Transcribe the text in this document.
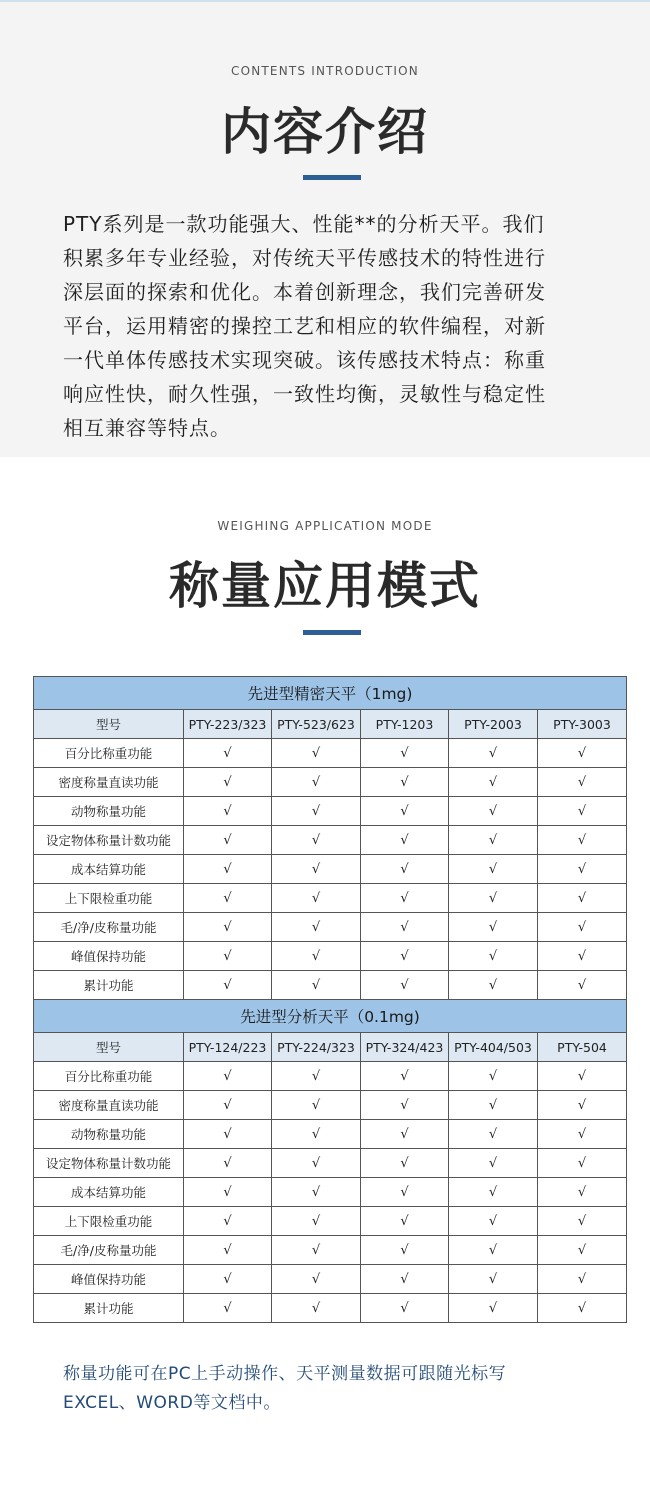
CONTENTS INTRODUCTION
内容介绍
PTY系列是一款功能强大、性能**的分析天平。我们
积累多年专业经验，对传统天平传感技术的特性进行
深层面的探索和优化。本着创新理念，我们完善研发
平台，运用精密的操控工艺和相应的软件编程，对新
一代单体传感技术实现突破。该传感技术特点：称重
响应性快，耐久性强，一致性均衡，灵敏性与稳定性
相互兼容等特点。
WEIGHING APPLICATION MODE
称量应用模式
先进型精密天平（1mg)					
型号	PTY-223/323	PTY-523/623	PTY-1203	PTY-2003	PTY-3003
百分比称重功能	√	√	√	√	√
密度称量直读功能	√	√	√	√	√
动物称量功能	√	√	√	√	√
设定物体称量计数功能	√	√	√	√	√
成本结算功能	√	√	√	√	√
上下限检重功能	√	√	√	√	√
毛/净/皮称量功能	√	√	√	√	√
峰值保持功能	√	√	√	√	√
累计功能	√	√	√	√	√
先进型分析天平（0.1mg)					
型号	PTY-124/223	PTY-224/323	PTY-324/423	PTY-404/503	PTY-504
百分比称重功能	√	√	√	√	√
密度称量直读功能	√	√	√	√	√
动物称量功能	√	√	√	√	√
设定物体称量计数功能	√	√	√	√	√
成本结算功能	√	√	√	√	√
上下限检重功能	√	√	√	√	√
毛/净/皮称量功能	√	√	√	√	√
峰值保持功能	√	√	√	√	√
累计功能	√	√	√	√	√
称量功能可在PC上手动操作、天平测量数据可跟随光标写
EXCEL、WORD等文档中。
